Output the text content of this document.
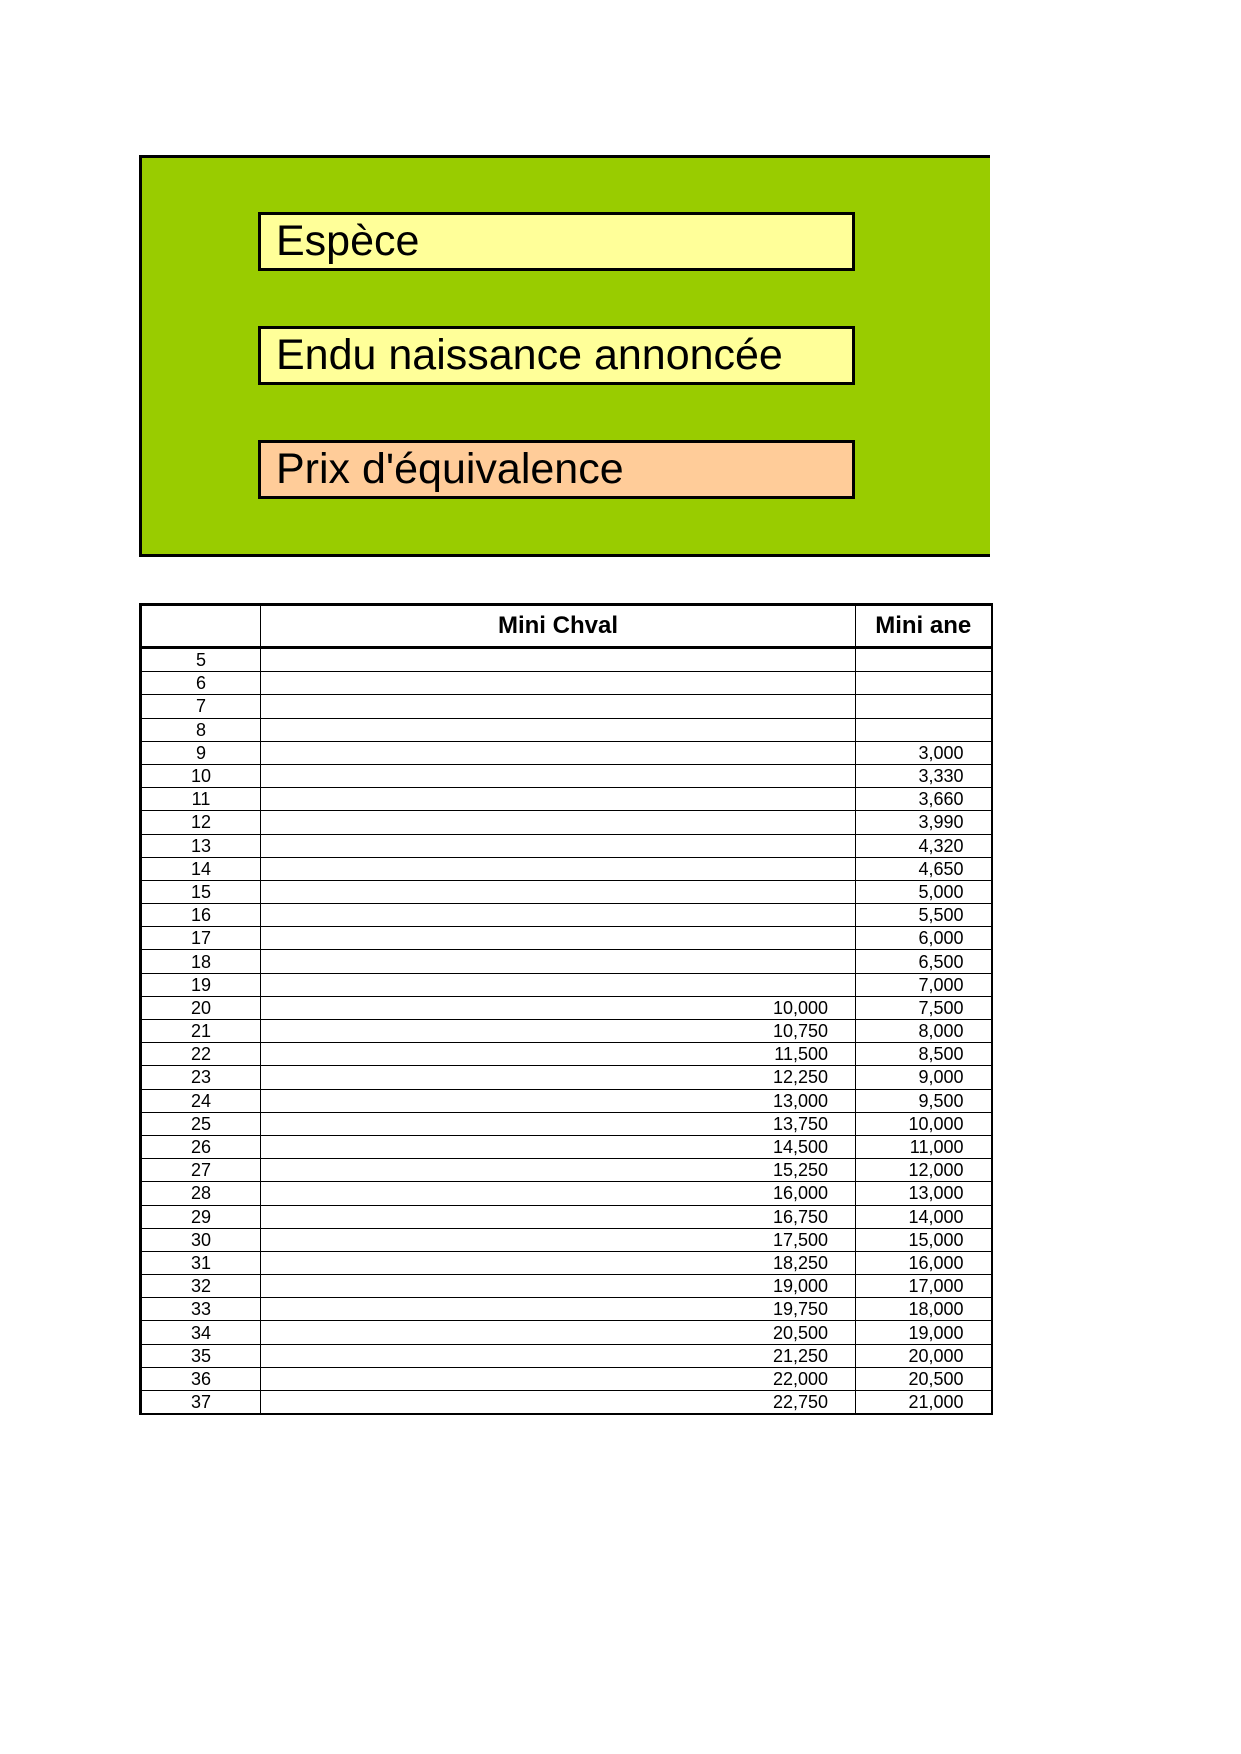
Espèce
Endu naissance annoncée
Prix d'équivalence
	Mini Chval	Mini ane
5		
6		
7		
8		
9		3,000
10		3,330
11		3,660
12		3,990
13		4,320
14		4,650
15		5,000
16		5,500
17		6,000
18		6,500
19		7,000
20	10,000	7,500
21	10,750	8,000
22	11,500	8,500
23	12,250	9,000
24	13,000	9,500
25	13,750	10,000
26	14,500	11,000
27	15,250	12,000
28	16,000	13,000
29	16,750	14,000
30	17,500	15,000
31	18,250	16,000
32	19,000	17,000
33	19,750	18,000
34	20,500	19,000
35	21,250	20,000
36	22,000	20,500
37	22,750	21,000
